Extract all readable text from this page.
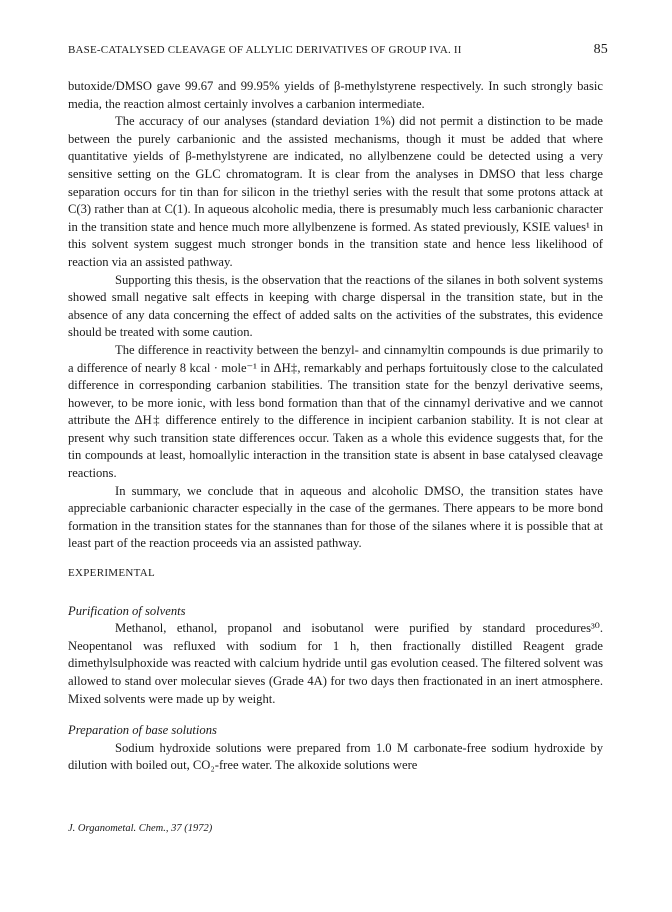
BASE-CATALYSED CLEAVAGE OF ALLYLIC DERIVATIVES OF GROUP IVA. II	85

butoxide/DMSO gave 99.67 and 99.95% yields of β-methylstyrene respectively. In such strongly basic media, the reaction almost certainly involves a carbanion intermediate.

The accuracy of our analyses (standard deviation 1%) did not permit a distinction to be made between the purely carbanionic and the assisted mechanisms, though it must be added that where quantitative yields of β-methylstyrene are indicated, no allylbenzene could be detected using a very sensitive setting on the GLC chromatogram. It is clear from the analyses in DMSO that less charge separation occurs for tin than for silicon in the triethyl series with the result that some protons attack at C(3) rather than at C(1). In aqueous alcoholic media, there is presumably much less carbanionic character in the transition state and hence much more allylbenzene is formed. As stated previously, KSIE values¹ in this solvent system suggest much stronger bonds in the transition state and hence less likelihood of reaction via an assisted pathway.

Supporting this thesis, is the observation that the reactions of the silanes in both solvent systems showed small negative salt effects in keeping with charge dispersal in the transition state, but in the absence of any data concerning the effect of added salts on the activities of the substrates, this evidence should be treated with some caution.

The difference in reactivity between the benzyl- and cinnamyltin compounds is due primarily to a difference of nearly 8 kcal · mole⁻¹ in ΔH‡, remarkably and perhaps fortuitously close to the calculated difference in corresponding carbanion stabilities. The transition state for the benzyl derivative seems, however, to be more ionic, with less bond formation than that of the cinnamyl derivative and we cannot attribute the ΔH‡ difference entirely to the difference in incipient carbanion stability. It is not clear at present why such transition state differences occur. Taken as a whole this evidence suggests that, for the tin compounds at least, homoallylic interaction in the transition state is absent in base catalysed cleavage reactions.

In summary, we conclude that in aqueous and alcoholic DMSO, the transition states have appreciable carbanionic character especially in the case of the germanes. There appears to be more bond formation in the transition states for the stannanes than for those of the silanes where it is possible that at least part of the reaction proceeds via an assisted pathway.

EXPERIMENTAL

Purification of solvents

Methanol, ethanol, propanol and isobutanol were purified by standard procedures³⁰. Neopentanol was refluxed with sodium for 1 h, then fractionally distilled Reagent grade dimethylsulphoxide was reacted with calcium hydride until gas evolution ceased. The filtered solvent was allowed to stand over molecular sieves (Grade 4A) for two days then fractionated in an inert atmosphere. Mixed solvents were made up by weight.

Preparation of base solutions

Sodium hydroxide solutions were prepared from 1.0 M carbonate-free sodium hydroxide by dilution with boiled out, CO₂-free water. The alkoxide solutions were

J. Organometal. Chem., 37 (1972)
